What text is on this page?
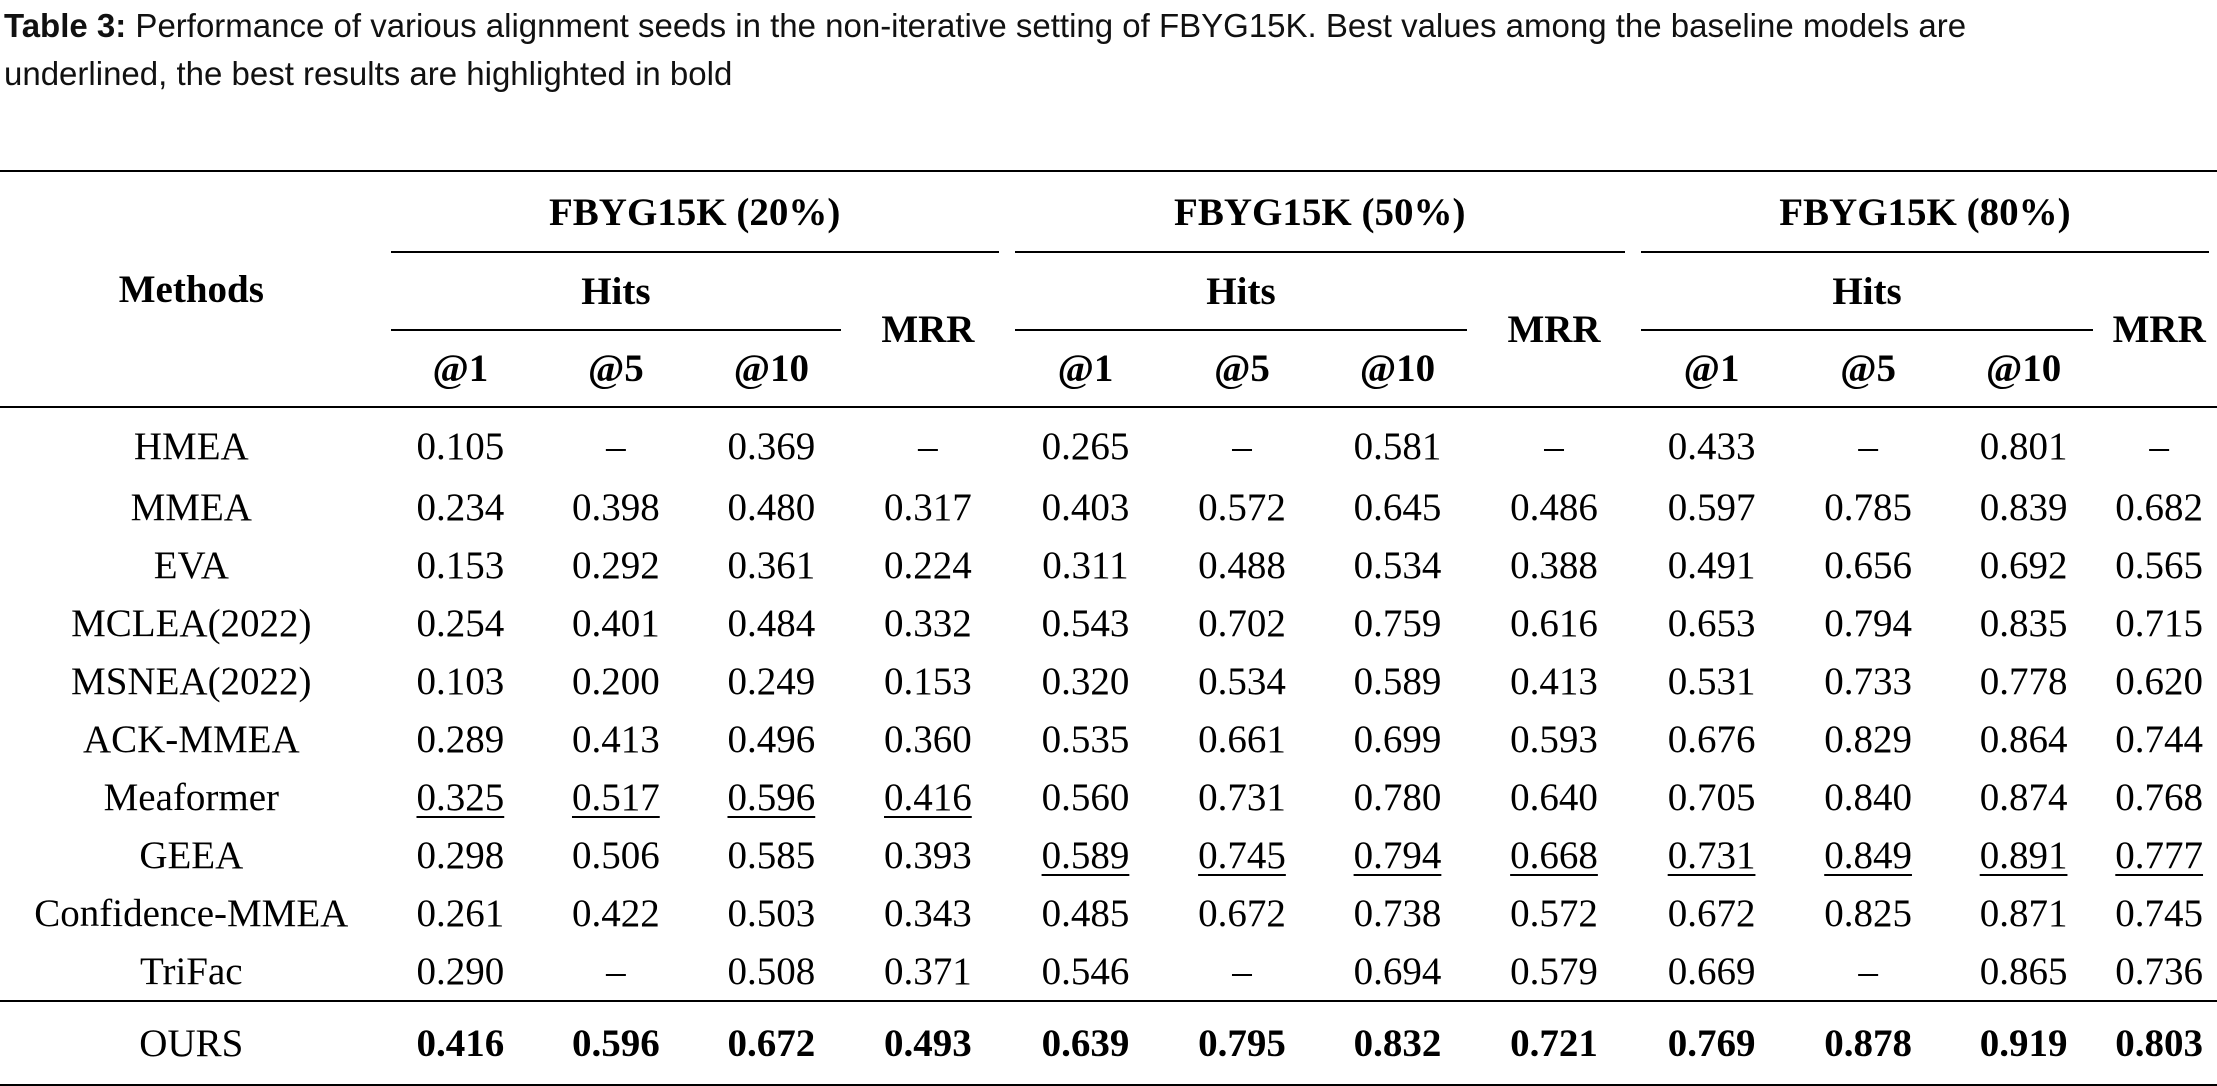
Table 3: Performance of various alignment seeds in the non-iterative setting of FBYG15K. Best values among the baseline models are underlined, the best results are highlighted in bold
Methods	FBYG15K (20%)				FBYG15K (50%)				FBYG15K (80%)			
	Hits			MRR	Hits			MRR	Hits			MRR
	@1	@5	@10		@1	@5	@10		@1	@5	@10	
HMEA	0.105	–	0.369	–	0.265	–	0.581	–	0.433	–	0.801	–
MMEA	0.234	0.398	0.480	0.317	0.403	0.572	0.645	0.486	0.597	0.785	0.839	0.682
EVA	0.153	0.292	0.361	0.224	0.311	0.488	0.534	0.388	0.491	0.656	0.692	0.565
MCLEA(2022)	0.254	0.401	0.484	0.332	0.543	0.702	0.759	0.616	0.653	0.794	0.835	0.715
MSNEA(2022)	0.103	0.200	0.249	0.153	0.320	0.534	0.589	0.413	0.531	0.733	0.778	0.620
ACK-MMEA	0.289	0.413	0.496	0.360	0.535	0.661	0.699	0.593	0.676	0.829	0.864	0.744
Meaformer	0.325	0.517	0.596	0.416	0.560	0.731	0.780	0.640	0.705	0.840	0.874	0.768
GEEA	0.298	0.506	0.585	0.393	0.589	0.745	0.794	0.668	0.731	0.849	0.891	0.777
Confidence-MMEA	0.261	0.422	0.503	0.343	0.485	0.672	0.738	0.572	0.672	0.825	0.871	0.745
TriFac	0.290	–	0.508	0.371	0.546	–	0.694	0.579	0.669	–	0.865	0.736
OURS	0.416	0.596	0.672	0.493	0.639	0.795	0.832	0.721	0.769	0.878	0.919	0.803
